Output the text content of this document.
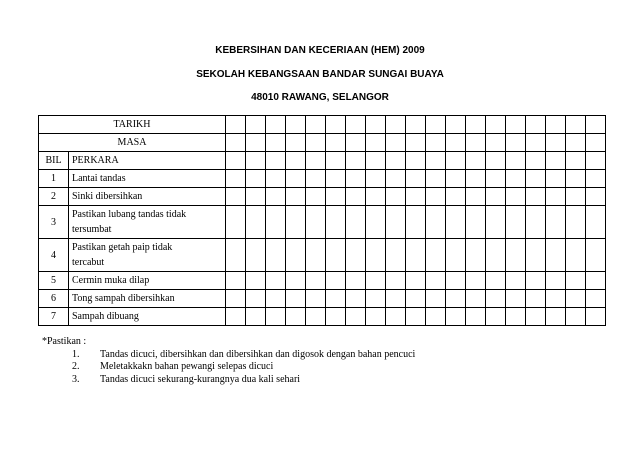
KEBERSIHAN DAN KECERIAAN (HEM) 2009
SEKOLAH KEBANGSAAN BANDAR SUNGAI BUAYA
48010 RAWANG, SELANGOR
TARIKH																				
MASA																				
BIL	PERKARA																			
1	Lantai tandas																			
2	Sinki dibersihkan																			
3	Pastikan lubang tandas tidak
tersumbat																			

4	Pastikan getah paip tidak
tercabut																			

5	Cermin muka dilap																			
6	Tong sampah dibersihkan																			
7	Sampah dibuang																			
*Pastikan :
1. Tandas dicuci, dibersihkan dan dibersihkan dan digosok dengan bahan pencuci
2. Meletakkakn bahan pewangi selepas dicuci
3. Tandas dicuci sekurang-kurangnya dua kali sehari
